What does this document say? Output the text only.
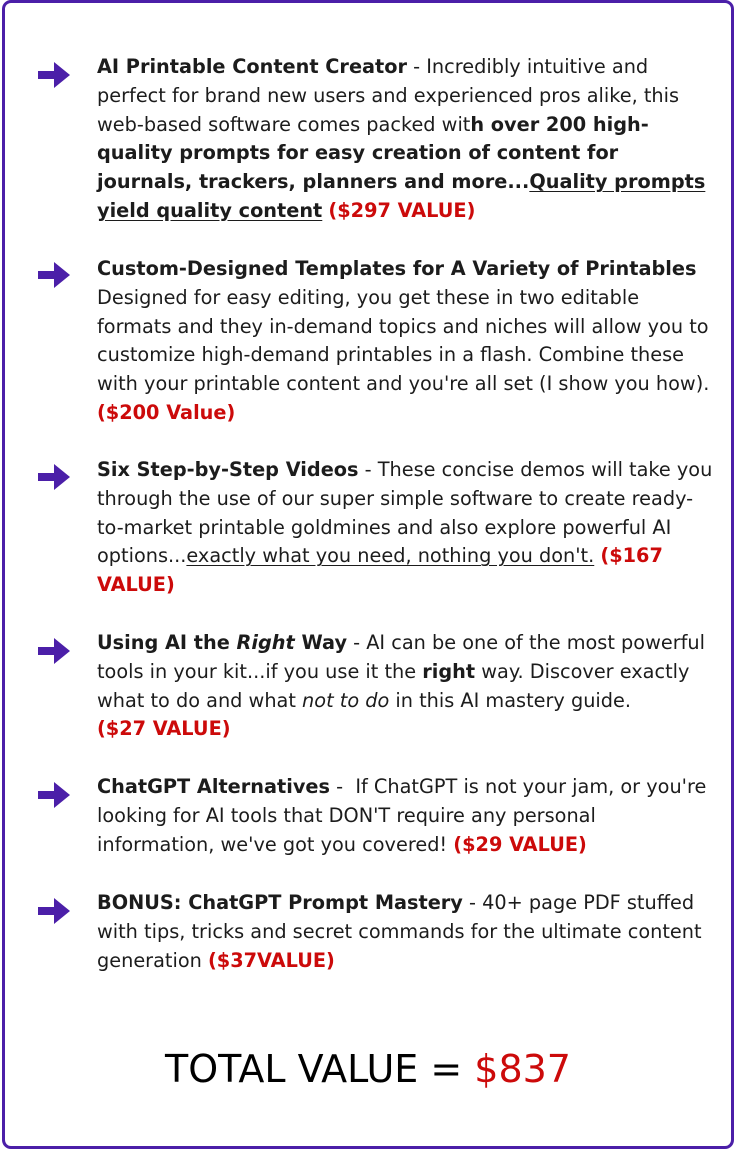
AI Printable Content Creator - Incredibly intuitive and perfect for brand new users and experienced pros alike, this web-based software comes packed with over 200 high-quality prompts for easy creation of content for journals, trackers, planners and more...Quality prompts yield quality content ($297 VALUE)
Custom-Designed Templates for A Variety of Printables
Designed for easy editing, you get these in two editable formats and they in-demand topics and niches will allow you to customize high-demand printables in a flash. Combine these with your printable content and you're all set (I show you how). ($200 Value)
Six Step-by-Step Videos - These concise demos will take you through the use of our super simple software to create ready-to-market printable goldmines and also explore powerful AI options...exactly what you need, nothing you don't. ($167 VALUE)
Using AI the Right Way - AI can be one of the most powerful tools in your kit...if you use it the right way. Discover exactly what to do and what not to do in this AI mastery guide.
($27 VALUE)
ChatGPT Alternatives -  If ChatGPT is not your jam, or you're looking for AI tools that DON'T require any personal information, we've got you covered! ($29 VALUE)
BONUS: ChatGPT Prompt Mastery - 40+ page PDF stuffed with tips, tricks and secret commands for the ultimate content generation ($37VALUE)
TOTAL VALUE = $837
